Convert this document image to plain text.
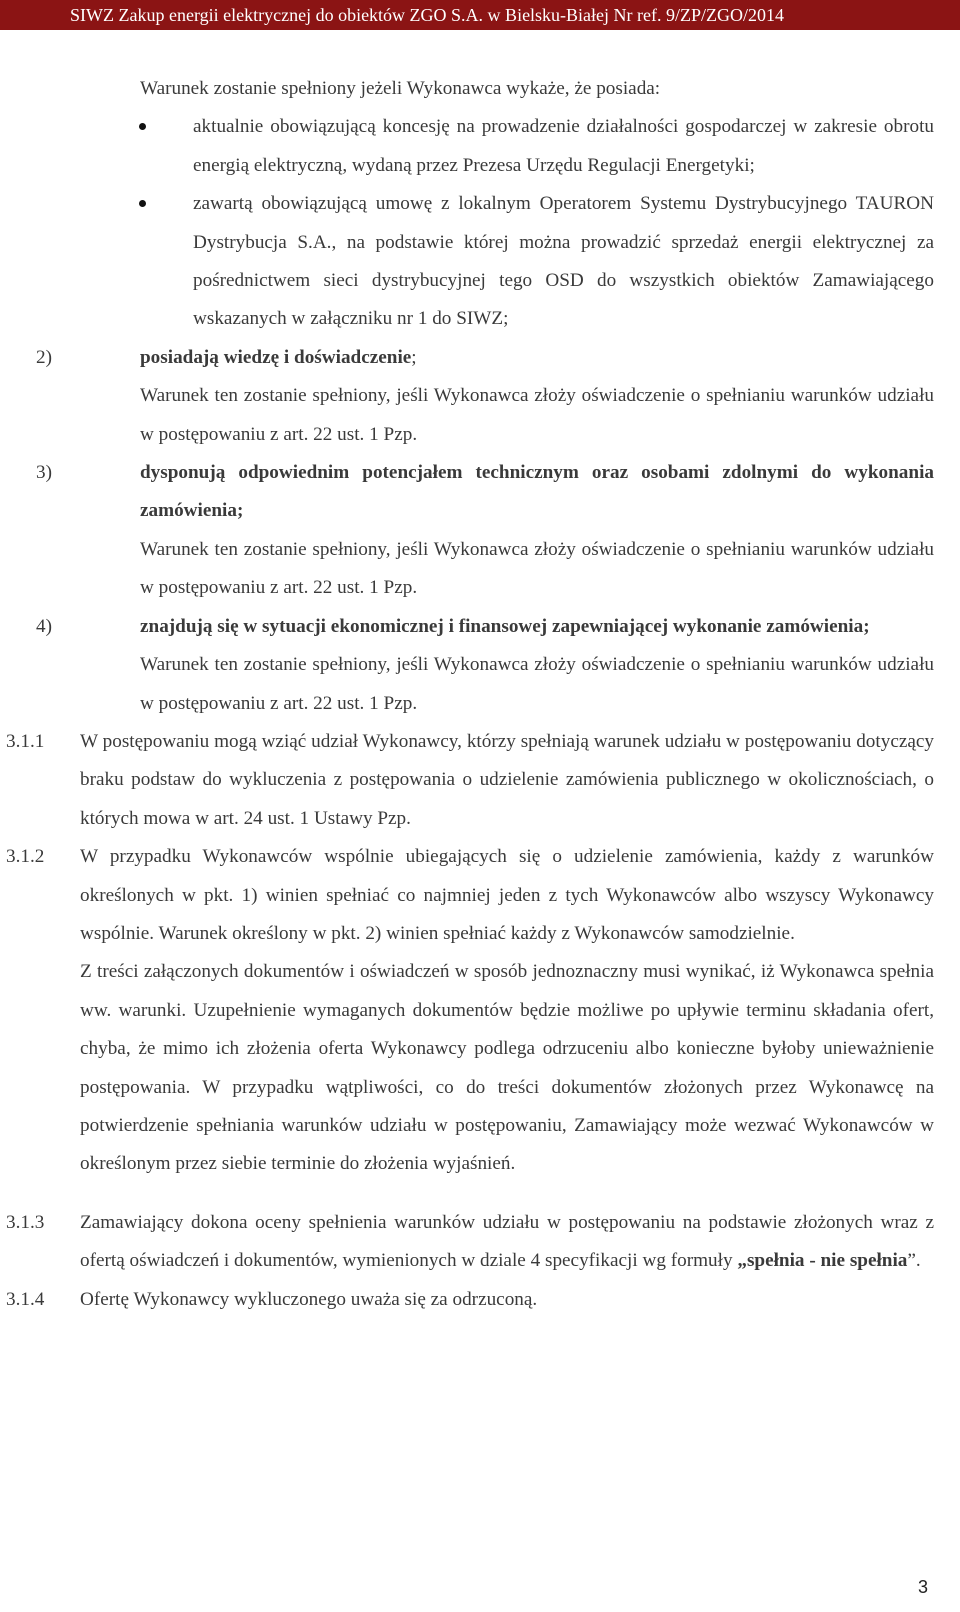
SIWZ Zakup energii elektrycznej do obiektów ZGO S.A. w Bielsku-Białej Nr ref. 9/ZP/ZGO/2014

Warunek zostanie spełniony jeżeli Wykonawca wykaże, że posiada:

aktualnie obowiązującą koncesję na prowadzenie działalności gospodarczej w zakresie obrotu energią elektryczną, wydaną przez Prezesa Urzędu Regulacji Energetyki;
zawartą obowiązującą umowę z lokalnym Operatorem Systemu Dystrybucyjnego TAURON Dystrybucja S.A., na podstawie której można prowadzić sprzedaż energii elektrycznej za pośrednictwem sieci dystrybucyjnej tego OSD do wszystkich obiektów Zamawiającego wskazanych w załączniku nr 1 do SIWZ;
2)	posiadają wiedzę i doświadczenie;
Warunek ten zostanie spełniony, jeśli Wykonawca złoży oświadczenie o spełnianiu warunków udziału w postępowaniu z art. 22 ust. 1 Pzp.
3)	dysponują odpowiednim potencjałem technicznym oraz osobami zdolnymi do wykonania zamówienia;
Warunek ten zostanie spełniony, jeśli Wykonawca złoży oświadczenie o spełnianiu warunków udziału w postępowaniu z art. 22 ust. 1 Pzp.
4)	znajdują się w sytuacji ekonomicznej i finansowej zapewniającej wykonanie zamówienia;
Warunek ten zostanie spełniony, jeśli Wykonawca złoży oświadczenie o spełnianiu warunków udziału w postępowaniu z art. 22 ust. 1 Pzp.
3.1.1 W postępowaniu mogą wziąć udział Wykonawcy, którzy spełniają warunek udziału w postępowaniu dotyczący braku podstaw do wykluczenia z postępowania o udzielenie zamówienia publicznego w okolicznościach, o których mowa w art. 24 ust. 1 Ustawy Pzp.
3.1.2 W przypadku Wykonawców wspólnie ubiegających się o udzielenie zamówienia, każdy z warunków określonych w pkt. 1) winien spełniać co najmniej jeden z tych Wykonawców albo wszyscy Wykonawcy wspólnie. Warunek określony w pkt. 2) winien spełniać każdy z Wykonawców samodzielnie.
Z treści załączonych dokumentów i oświadczeń w sposób jednoznaczny musi wynikać, iż Wykonawca spełnia ww. warunki. Uzupełnienie wymaganych dokumentów będzie możliwe po upływie terminu składania ofert, chyba, że mimo ich złożenia oferta Wykonawcy podlega odrzuceniu albo konieczne byłoby unieważnienie postępowania. W przypadku wątpliwości, co do treści dokumentów złożonych przez Wykonawcę na potwierdzenie spełniania warunków udziału w postępowaniu, Zamawiający może wezwać Wykonawców w określonym przez siebie terminie do złożenia wyjaśnień.
3.1.3 Zamawiający dokona oceny spełnienia warunków udziału w postępowaniu na podstawie złożonych wraz z ofertą oświadczeń i dokumentów, wymienionych w dziale 4 specyfikacji wg formuły „spełnia - nie spełnia”.
3.1.4 Ofertę Wykonawcy wykluczonego uważa się za odrzuconą.
3
